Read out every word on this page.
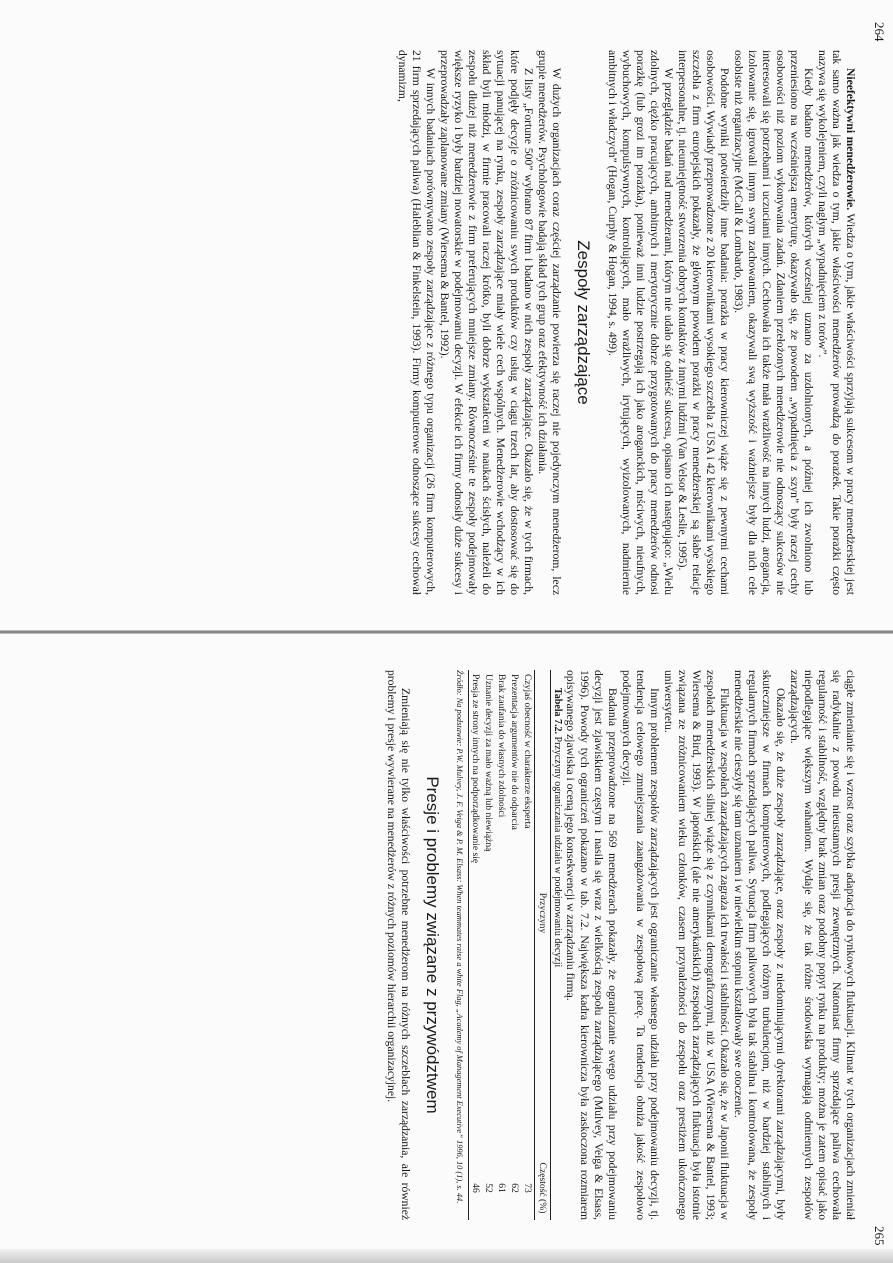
264

Nieefektywni menedżerowie. Wiedza o tym, jakie właściwości sprzyjają sukcesom w pracy menedżerskiej jest tak samo ważna jak wiedza o tym, jakie właściwości menedżerów prowadzą do porażek. Takie porażki często nazywa się wykolejeniem, czyli nagłym „wypadnięciem z torów”.

Kiedy badano menedżerów, których wcześniej uznano za uzdolnionych, a później ich zwolniono lub przeniesiono na wcześniejszą emeryturę, okazywało się, że powodem „wypadnięcia z szyn” były raczej cechy osobowości niż poziom wykonywania zadań. Zdaniem przełożonych menedżerowie nie odnoszący sukcesów nie interesowali się potrzebami i uczuciami innych. Cechowała ich także mała wrażliwość na innych ludzi, arogancja, izolowanie się, igrowali innym swym zachowaniem, okazywali swą wyższość i ważniejsze były dla nich cele osobiste niż organizacyjne (McCall & Lombardo, 1983).

Podobne wyniki potwierdziły inne badania: porażka w pracy kierowniczej wiąże się z pewnymi cechami osobowości. Wywiady przeprowadzone z 20 kierownikami wysokiego szczebla z USA i 42 kierownikami wysokiego szczebla z firm europejskich pokazały, że głównym powodem porażki w pracy menedżerskiej są słabe relacje interpersonalne, tj. nieumiejętność stworzenia dobrych kontaktów z innymi ludźmi (Van Velsor & Leslie, 1995).

W przeglądzie badań nad menedżerami, którym nie udało się odnieść sukcesu, opisano ich następująco: „Wielu zdolnych, ciężko pracujących, ambitnych i merytorycznie dobrze przygotowanych do pracy menedżerów odnosi porażkę (lub grozi im porażka), ponieważ inni ludzie postrzegają ich jako aroganckich, mściwych, nieufnych, wybuchowych, kompulsywnych, kontrolujących, mało wrażliwych, irytujących, wyizolowanych, nadmiernie ambitnych i władczych” (Hogan, Curphy & Hogan, 1994, s. 499).

Zespoły zarządzające

W dużych organizacjach coraz częściej zarządzanie powierza się raczej nie pojedynczym menedżerom, lecz grupie menedżerów. Psychologowie badają skład tych grup oraz efektywność ich działania.

Z listy „Fortune 500” wybrano 87 firm i badano w nich zespoły zarządzające. Okazało się, że w tych firmach, które podjęły decyzje o zróżnicowaniu swych produktów czy usług w ciągu trzech lat, aby dostosować się do sytuacji panującej na rynku, zespoły zarządzające miały wiele cech wspólnych. Menedżerowie wchodzący w ich skład byli młodzi, w firmie pracowali raczej krótko, byli dobrze wykształceni w naukach ścisłych, należeli do zespołu dłużej niż menedżerowie z firm preferujących mniejsze zmiany. Równocześnie te zespoły podejmowały większe ryzyko i były bardziej nowatorskie w podejmowaniu decyzji. W efekcie ich firmy odnosiły duże sukcesy i przeprowadzały zaplanowane zmiany (Wiersema & Bantel, 1992).

W innych badaniach porównywano zespoły zarządzające z różnego typu organizacji (26 firm komputerowych, 21 firm sprzedających paliwa) (Haleblian & Finkelstein, 1993). Firmy komputerowe odnoszące sukcesy cechował dynamizm,

ciągłe zmienianie się i wzrost oraz szybka adaptacja do rynkowych fluktuacji. Klimat w tych organizacjach zmieniał się radykalnie z powodu nieustannych presji zewnętrznych. Natomiast firmy sprzedające paliwa cechowała regularność i stabilność, względny brak zmian oraz podobny popyt rynku na produkty; można je zatem opisać jako niepodlegające większym wahaniom. Wydaje się, że tak różne środowiska wymagają odmiennych zespołów zarządzających.

Okazało się, że duże zespoły zarządzające, oraz zespoły z niedominującymi dyrektorami zarządzającymi, były skuteczniejsze w firmach komputerowych, podlegających różnym turbulencjom, niż w bardziej stabilnych i regularnych firmach sprzedających paliwa. Sytuacja firm paliwowych była tak stabilna i kontrolowana, że zespoły menedżerskie nie cieszyły się tam uznaniem i w niewielkim stopniu kształtowały swe otoczenie.

Fluktuacja w zespołach zarządzających zagraża ich trwałości i stabilności. Okazało się, że w Japonii fluktuacja w zespołach menedżerskich silniej wiąże się z czynnikami demograficznymi, niż w USA (Wiersema & Bantel, 1993; Wiersema & Bird, 1993). W japońskich (ale nie amerykańskich) zespołach zarządzających fluktuacja była istotnie związana ze zróżnicowaniem wieku członków, czasem przynależności do zespołu oraz prestiżem ukończonego uniwersytetu.

Innym problemem zespołów zarządzających jest ograniczanie własnego udziału przy podejmowaniu decyzji, tj. tendencja celowego zmniejszania zaangażowania w zespołową pracę. Ta tendencja obniża jakość zespołowo podejmowanych decyzji.

Badania przeprowadzone na 569 menedżerach pokazały, że ograniczanie swego udziału przy podejmowaniu decyzji jest zjawiskiem częstym i nasila się wraz z wielkością zespołu zarządzającego (Mulvey, Veiga & Elsass, 1996). Powody tych ograniczeń pokazano w tab. 7.2. Największa kadra kierownicza była zaskoczona rozmiarem opisywanego zjawiska i oceną jego konsekwencji w zarządzaniu firmą.

Tabela 7.2. Przyczyny ograniczania udziału w podejmowaniu decyzji

Przyczyny	Częstość (%)
Czyjaś obecność w charakterze eksperta	73
Prezentacja argumentów nie do odparcia	62
Brak zaufania do własnych zdolności	61
Uznanie decyzji za mało ważną lub niewiążną	52
Presja ze strony innych na podporządkowanie się	46
Źródło: Na podstawie: P.W. Mulvey, J. F. Veiga & P. M. Elsass: When teammates raise a white Flag, „Academy of Management Executive” 1996, 10 (1), s. 44.
Presje i problemy związane z przywództwem

Zmieniają się nie tylko właściwości potrzebne menedżerom na różnych szczeblach zarządzania, ale również problemy i presje wywierane na menedżerów z różnych poziomów hierarchii organizacyjnej.

265
